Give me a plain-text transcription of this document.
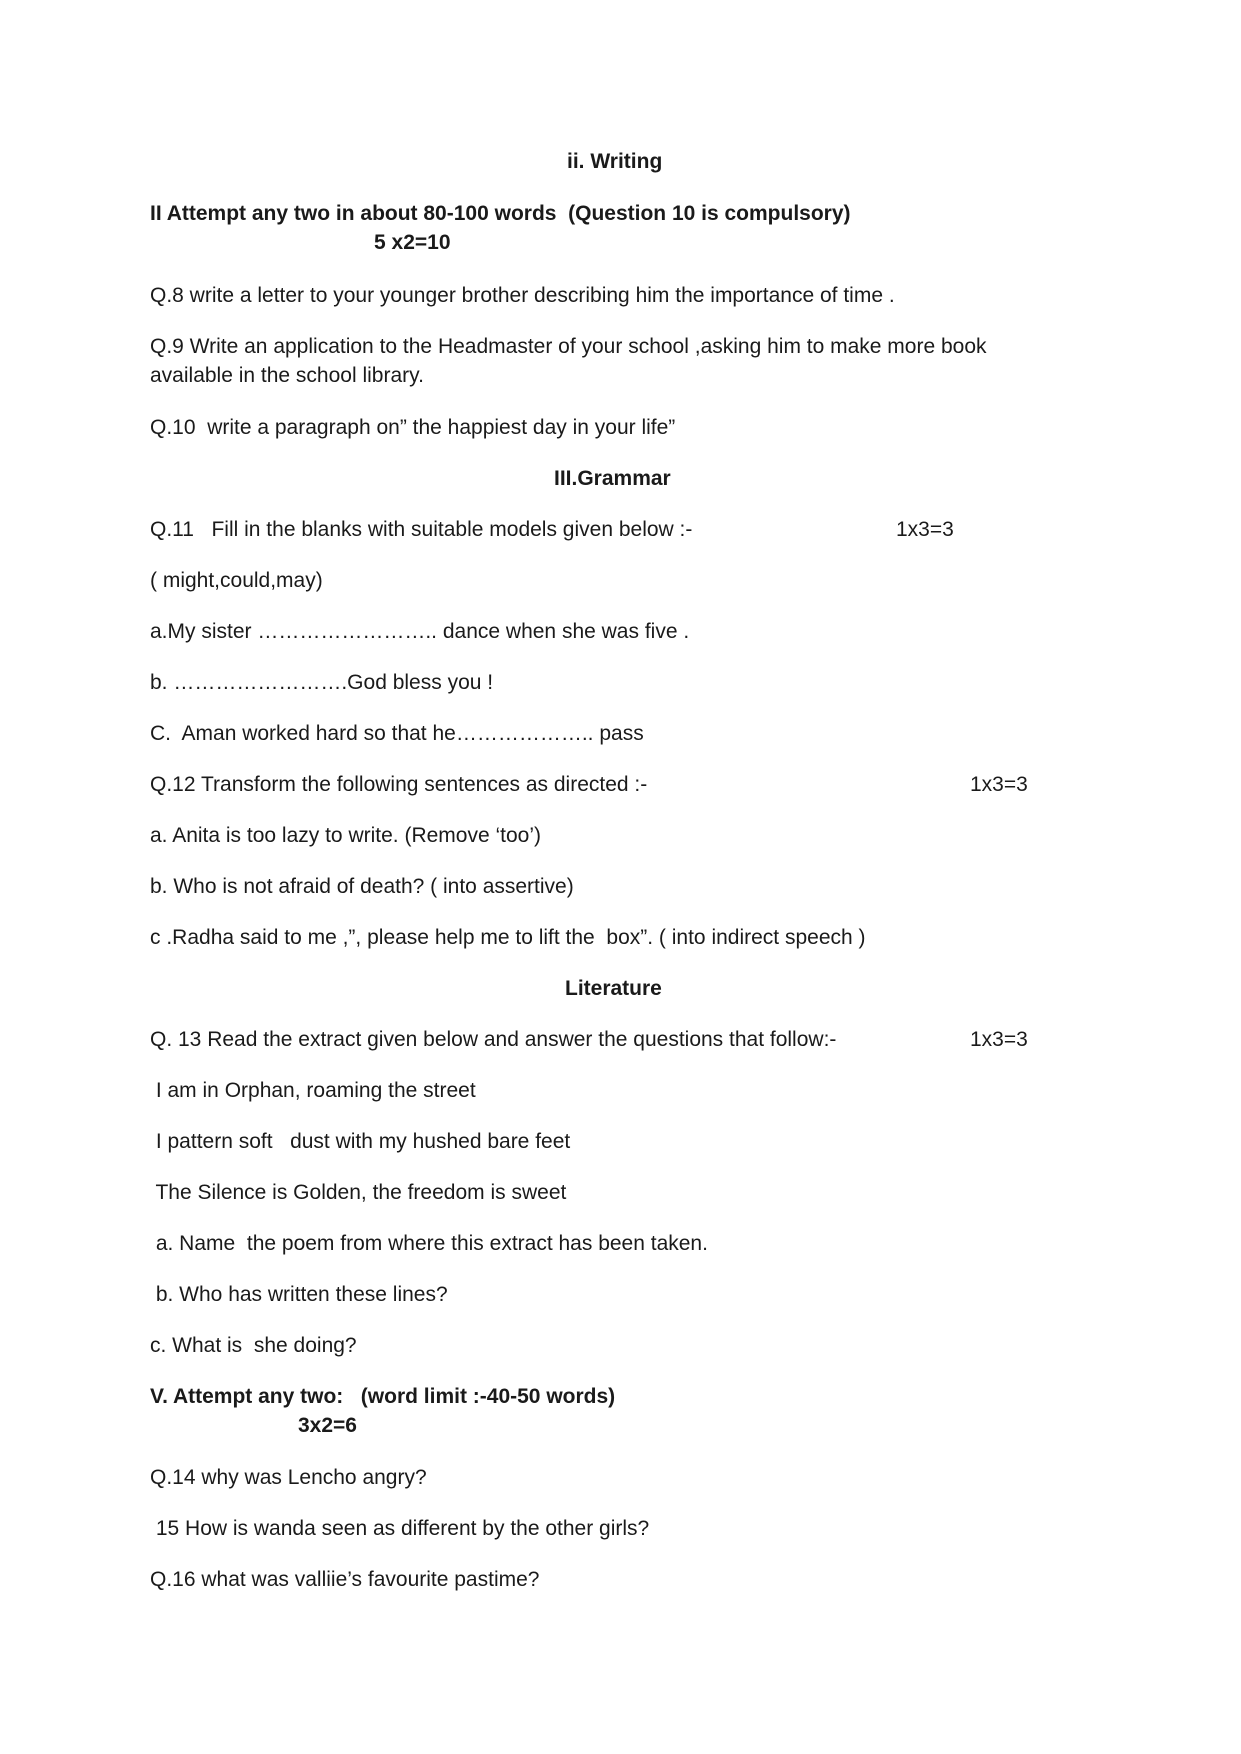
ii. Writing
II Attempt any two in about 80-100 words  (Question 10 is compulsory)
5 x2=10
Q.8 write a letter to your younger brother describing him the importance of time .
Q.9 Write an application to the Headmaster of your school ,asking him to make more book
available in the school library.
Q.10  write a paragraph on” the happiest day in your life”
III.Grammar
Q.11   Fill in the blanks with suitable models given below :-	1x3=3
( might,could,may)
a.My sister …………………….. dance when she was five .
b. …………………….God bless you !
C.  Aman worked hard so that he……………….. pass
Q.12 Transform the following sentences as directed :-	1x3=3
a. Anita is too lazy to write. (Remove ‘too’)
b. Who is not afraid of death? ( into assertive)
c .Radha said to me ,”, please help me to lift the  box”. ( into indirect speech )
Literature
Q. 13 Read the extract given below and answer the questions that follow:-	1x3=3
I am in Orphan, roaming the street
I pattern soft   dust with my hushed bare feet
The Silence is Golden, the freedom is sweet
a. Name  the poem from where this extract has been taken.
b. Who has written these lines?
c. What is  she doing?
V. Attempt any two:   (word limit :-40-50 words)
3x2=6
Q.14 why was Lencho angry?
15 How is wanda seen as different by the other girls?
Q.16 what was valliie’s favourite pastime?
